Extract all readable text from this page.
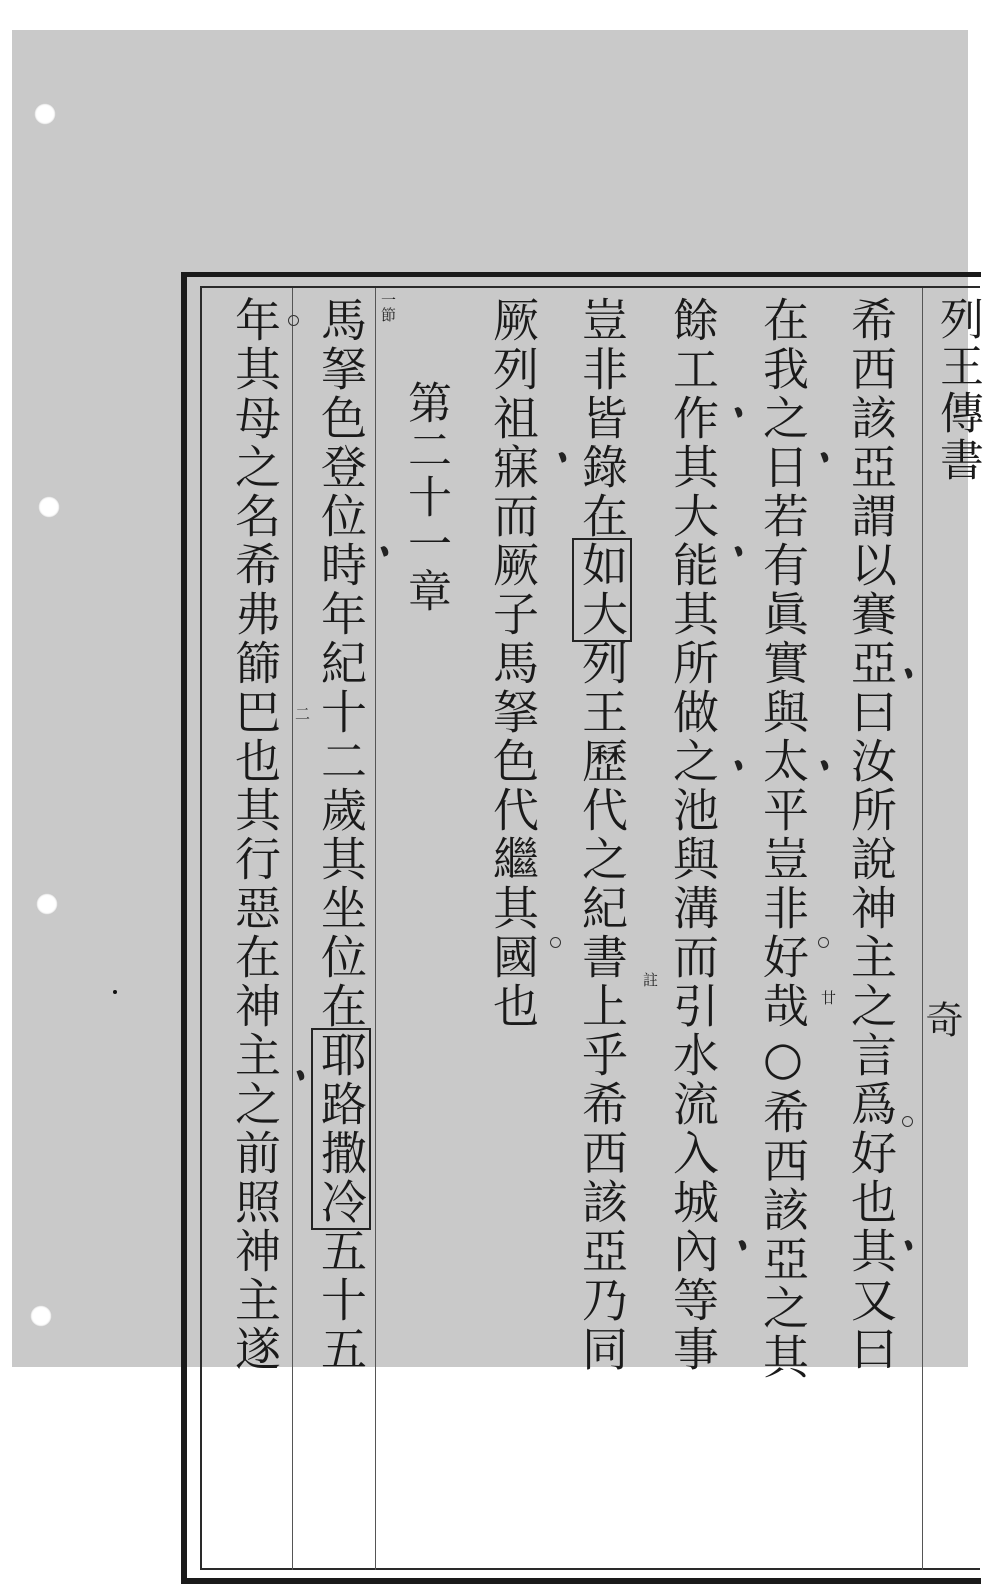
列王傳書
奇
希西該亞謂以賽亞曰汝所說神主之言爲好也其又曰
在我之日若有眞實與太平豈非好哉○希西該亞之其
餘工作其大能其所做之池與溝而引水流入城內等事
豈非皆錄在如大列王歷代之紀書上乎希西該亞乃同
厥列祖寐而厥子馬拏色代繼其國也
第二十一章
馬拏色登位時年紀十二歲其坐位在耶路撒冷五十五
年其母之名希弗篩巴也其行惡在神主之前照神主遂	一節
二
廿
註
